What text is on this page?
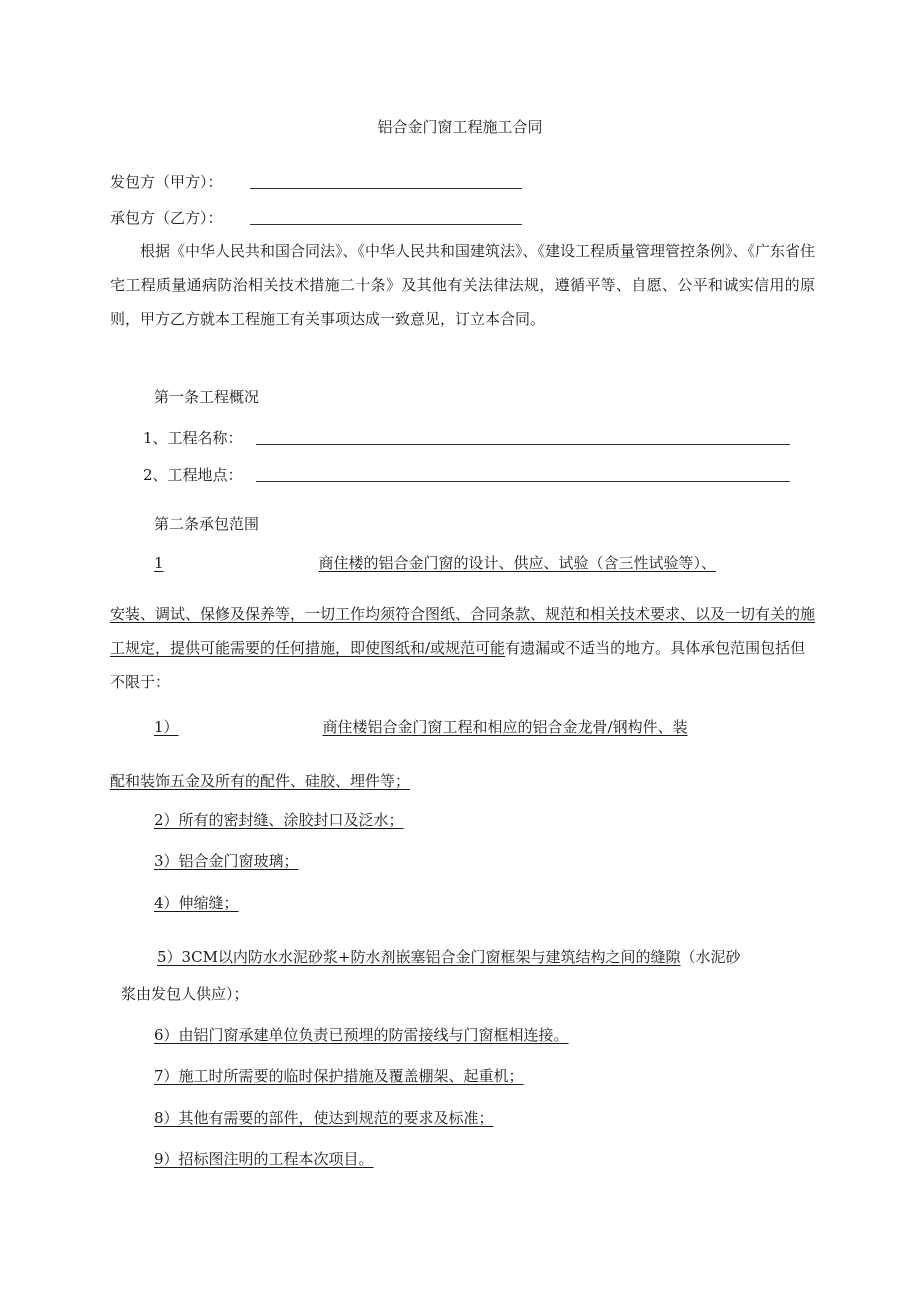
铝合金门窗工程施工合同

发包方（甲方）：

承包方（乙方）：

根据《中华人民共和国合同法》、《中华人民共和国建筑法》、《建设工程质量管理管控条例》、《广东省住宅工程质量通病防治相关技术措施二十条》及其他有关法律法规，遵循平等、自愿、公平和诚实信用的原则，甲方乙方就本工程施工有关事项达成一致意见，订立本合同。

第一条工程概况

1、工程名称：

2、工程地点：

第二条承包范围

1	商住楼的铝合金门窗的设计、供应、试验（含三性试验等）、

安装、调试、保修及保养等，一切工作均须符合图纸、合同条款、规范和相关技术要求、以及一切有关的施工规定，提供可能需要的任何措施，即使图纸和/或规范可能有遗漏或不适当的地方。具体承包范围包括但不限于：

1）	商住楼铝合金门窗工程和相应的铝合金龙骨/钢构件、装

配和装饰五金及所有的配件、硅胶、埋件等；

2）所有的密封缝、涂胶封口及泛水；

3）铝合金门窗玻璃；

4）伸缩缝；

5）3CM以内防水水泥砂浆+防水剂嵌塞铝合金门窗框架与建筑结构之间的缝隙（水泥砂

浆由发包人供应）；

6）由铝门窗承建单位负责已预埋的防雷接线与门窗框相连接。

7）施工时所需要的临时保护措施及覆盖棚架、起重机；

8）其他有需要的部件，使达到规范的要求及标准；

9）招标图注明的工程本次项目。
